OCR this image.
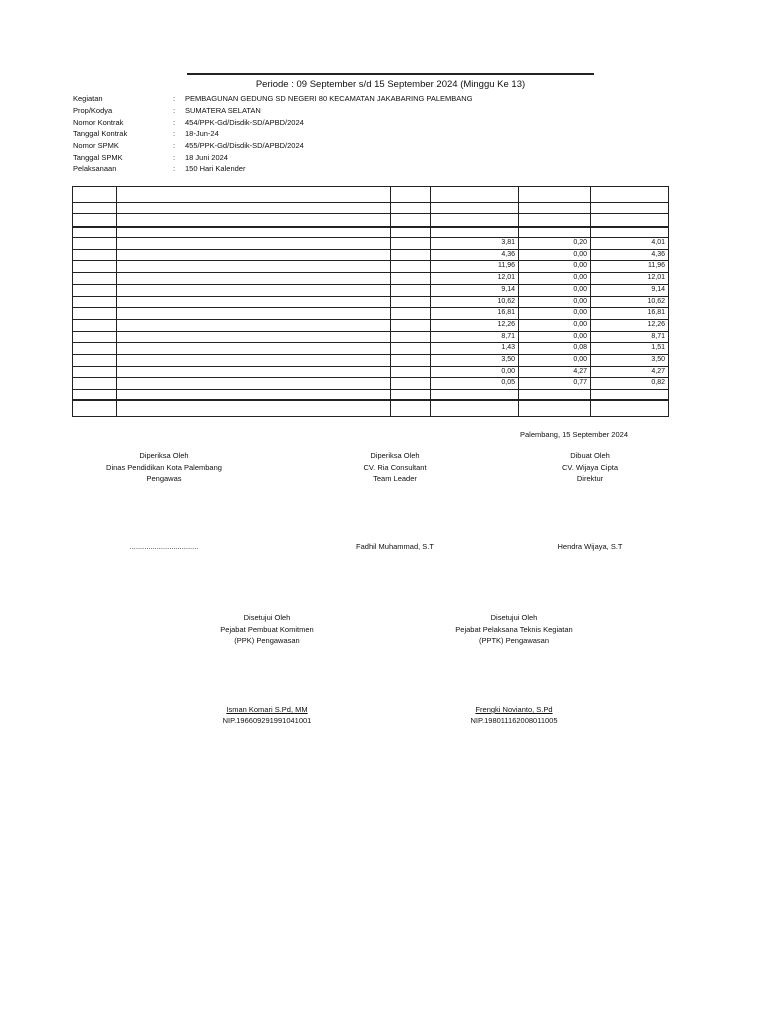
Periode : 09 September s/d 15 September 2024 (Minggu Ke 13)
Kegiatan	:	PEMBAGUNAN GEDUNG SD NEGERI 80 KECAMATAN JAKABARING PALEMBANG
Prop/Kodya	:	SUMATERA SELATAN
Nomor Kontrak	:	454/PPK-Gd/Disdik-SD/APBD/2024
Tanggal Kontrak	:	18-Jun-24
Nomor SPMK	:	455/PPK-Gd/Disdik-SD/APBD/2024
Tanggal SPMK	:	18 Juni 2024
Pelaksanaan	:	150 Hari Kalender
3,81	0,20	4,01
4,36	0,00	4,36
11,96	0,00	11,96
12,01	0,00	12,01
9,14	0,00	9,14
10,62	0,00	10,62
16,81	0,00	16,81
12,26	0,00	12,26
8,71	0,00	8,71
1,43	0,08	1,51
3,50	0,00	3,50
0,00	4,27	4,27
0,05	0,77	0,82
Palembang, 15 September 2024
Diperiksa Oleh
Dinas Pendidikan Kota Palembang
Pengawas
.................................
Diperiksa Oleh
CV. Ria Consultant
Team Leader
Fadhil Muhammad, S.T
Dibuat Oleh
CV. Wijaya Cipta
Direktur
Hendra Wijaya, S.T
Disetujui Oleh
Pejabat Pembuat Komitmen
(PPK) Pengawasan
Isman Komari S.Pd, MM
NIP.196609291991041001
Disetujui Oleh
Pejabat Pelaksana Teknis Kegiatan
(PPTK) Pengawasan
Frengki Novianto, S.Pd
NIP.198011162008011005
